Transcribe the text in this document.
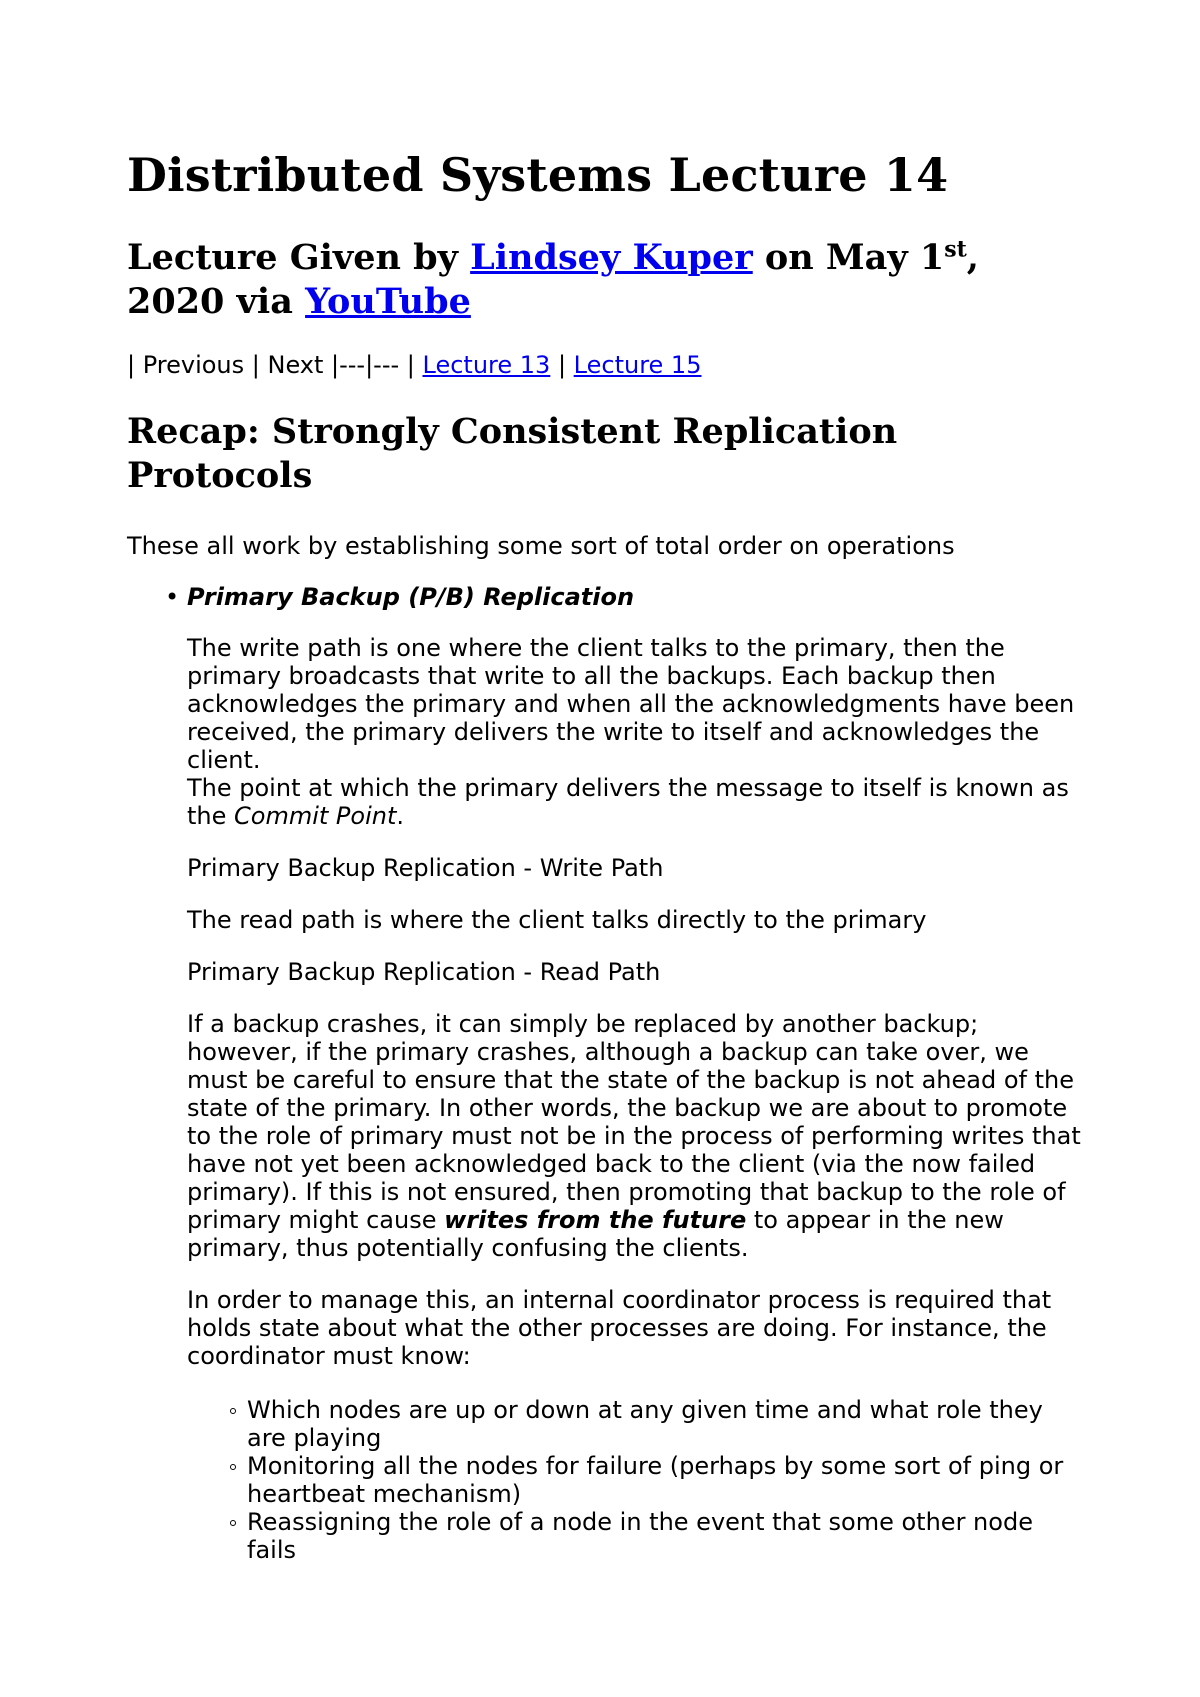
Distributed Systems Lecture 14
Lecture Given by Lindsey Kuper on May 1st, 2020 via YouTube
| Previous | Next |---|--- | Lecture 13 | Lecture 15
Recap: Strongly Consistent Replication Protocols

These all work by establishing some sort of total order on operations

• Primary Backup (P/B) Replication

The write path is one where the client talks to the primary, then the primary broadcasts that write to all the backups. Each backup then acknowledges the primary and when all the acknowledgments have been received, the primary delivers the write to itself and acknowledges the client.

The point at which the primary delivers the message to itself is known as the Commit Point.

Primary Backup Replication - Write Path

The read path is where the client talks directly to the primary

Primary Backup Replication - Read Path

If a backup crashes, it can simply be replaced by another backup; however, if the primary crashes, although a backup can take over, we must be careful to ensure that the state of the backup is not ahead of the state of the primary. In other words, the backup we are about to promote to the role of primary must not be in the process of performing writes that have not yet been acknowledged back to the client (via the now failed primary). If this is not ensured, then promoting that backup to the role of primary might cause writes from the future to appear in the new primary, thus potentially confusing the clients.

In order to manage this, an internal coordinator process is required that holds state about what the other processes are doing. For instance, the coordinator must know:

Which nodes are up or down at any given time and what role they are playing
Monitoring all the nodes for failure (perhaps by some sort of ping or heartbeat mechanism)
Reassigning the role of a node in the event that some other node fails
